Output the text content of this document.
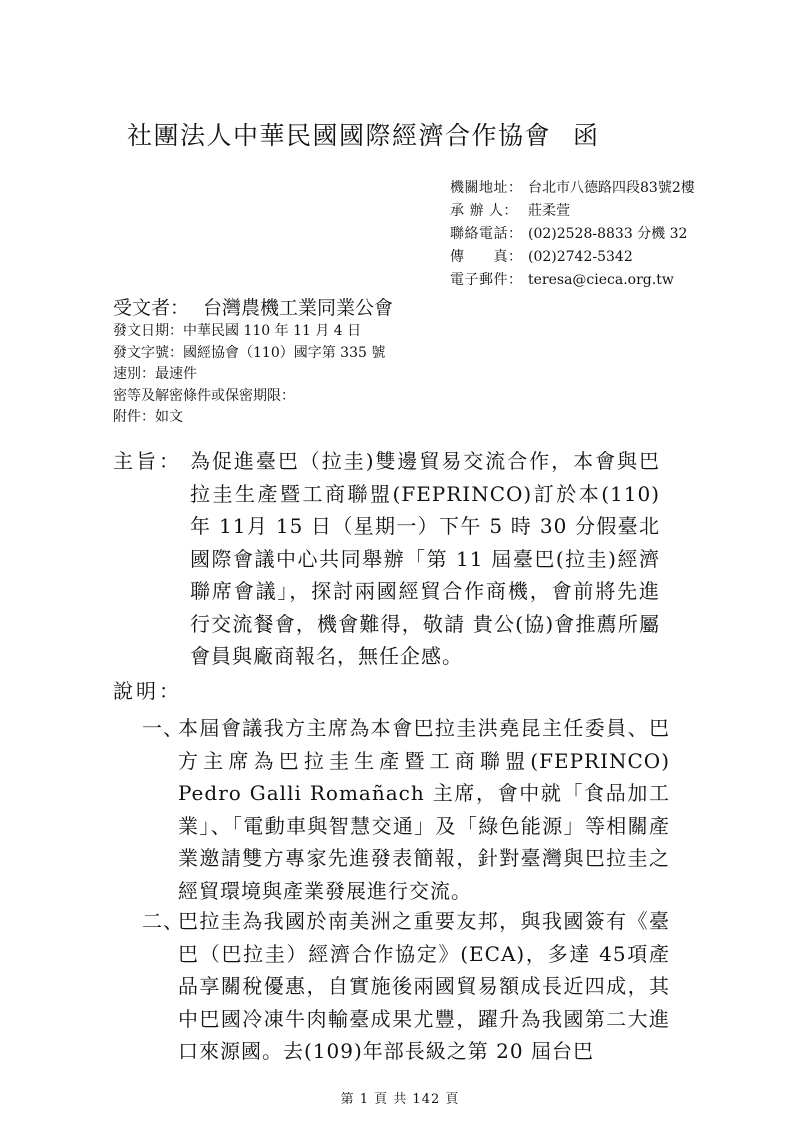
社團法人中華民國國際經濟合作協會 函
機關地址： 台北市八德路四段83號2樓
承 辦 人： 莊柔萱
聯絡電話： (02)2528-8833 分機 32
傳　　真： (02)2742-5342
電子郵件： teresa@cieca.org.tw
受文者： 台灣農機工業同業公會
發文日期：中華民國 110 年 11 月 4 日
發文字號：國經協會（110）國字第 335 號
速別：最速件
密等及解密條件或保密期限：
附件：如文
主旨： 為促進臺巴（拉圭)雙邊貿易交流合作，本會與巴拉圭生產暨工商聯盟(FEPRINCO)訂於本(110)年 11月 15 日（星期一）下午 5 時 30 分假臺北國際會議中心共同舉辦「第 11 屆臺巴(拉圭)經濟聯席會議」，探討兩國經貿合作商機，會前將先進行交流餐會，機會難得，敬請 貴公(協)會推薦所屬會員與廠商報名，無任企感。
說明：
一、
本屆會議我方主席為本會巴拉圭洪堯昆主任委員、巴方主席為巴拉圭生產暨工商聯盟(FEPRINCO) Pedro Galli Romañach 主席，會中就「食品加工業」、「電動車與智慧交通」及「綠色能源」等相關產業邀請雙方專家先進發表簡報，針對臺灣與巴拉圭之經貿環境與產業發展進行交流。
二、
巴拉圭為我國於南美洲之重要友邦，與我國簽有《臺巴（巴拉圭）經濟合作協定》(ECA)，多達 45項產品享關稅優惠，自實施後兩國貿易額成長近四成，其中巴國冷凍牛肉輸臺成果尤豐，躍升為我國第二大進口來源國。去(109)年部長級之第 20 屆台巴
第 1 頁 共 142 頁
